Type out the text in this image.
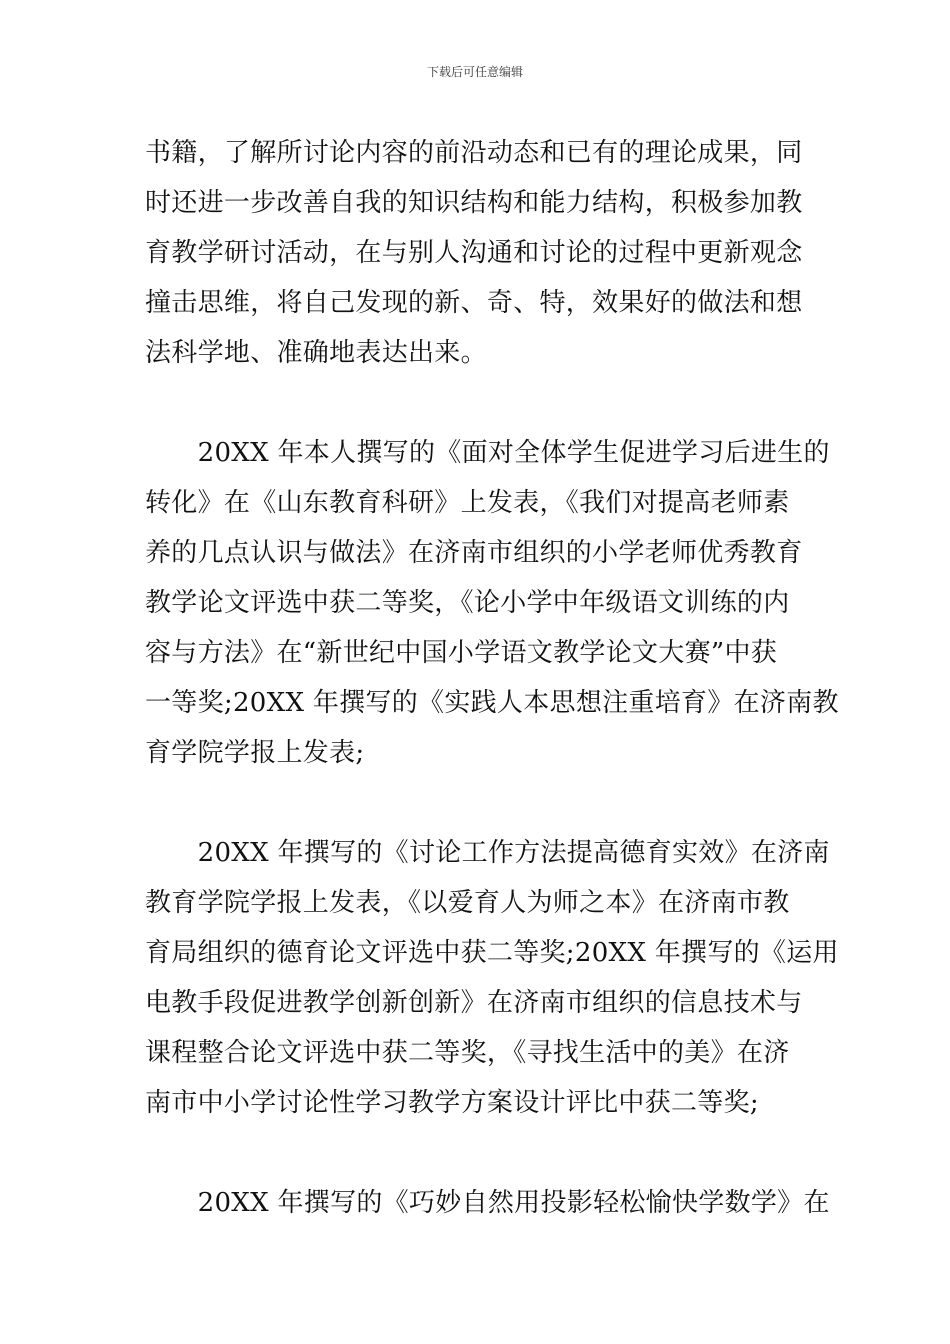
下载后可任意编辑
书籍，了解所讨论内容的前沿动态和已有的理论成果，同
时还进一步改善自我的知识结构和能力结构，积极参加教
育教学研讨活动，在与别人沟通和讨论的过程中更新观念
撞击思维，将自己发现的新、奇、特，效果好的做法和想
法科学地、准确地表达出来。
　　20XX 年本人撰写的《面对全体学生促进学习后进生的
转化》在《山东教育科研》上发表，《我们对提高老师素
养的几点认识与做法》在济南市组织的小学老师优秀教育
教学论文评选中获二等奖，《论小学中年级语文训练的内
容与方法》在“新世纪中国小学语文教学论文大赛”中获
一等奖;20XX 年撰写的《实践人本思想注重培育》在济南教
育学院学报上发表;
　　20XX 年撰写的《讨论工作方法提高德育实效》在济南
教育学院学报上发表，《以爱育人为师之本》在济南市教
育局组织的德育论文评选中获二等奖;20XX 年撰写的《运用
电教手段促进教学创新创新》在济南市组织的信息技术与
课程整合论文评选中获二等奖，《寻找生活中的美》在济
南市中小学讨论性学习教学方案设计评比中获二等奖;
　　20XX 年撰写的《巧妙自然用投影轻松愉快学数学》在
